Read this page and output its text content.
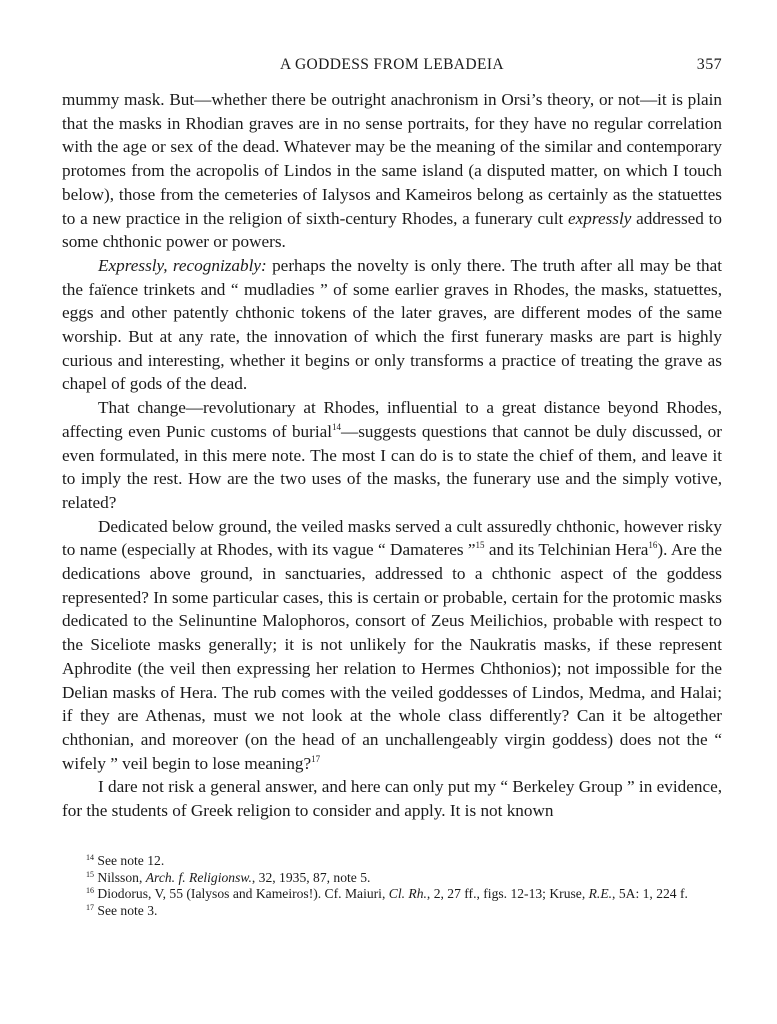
A GODDESS FROM LEBADEIA	357

mummy mask. But—whether there be outright anachronism in Orsi’s theory, or not—it is plain that the masks in Rhodian graves are in no sense portraits, for they have no regular correlation with the age or sex of the dead. Whatever may be the meaning of the similar and contemporary protomes from the acropolis of Lindos in the same island (a disputed matter, on which I touch below), those from the cemeteries of Ialysos and Kameiros belong as certainly as the statuettes to a new practice in the religion of sixth-century Rhodes, a funerary cult expressly addressed to some chthonic power or powers.

Expressly, recognizably: perhaps the novelty is only there. The truth after all may be that the faïence trinkets and “ mudladies ” of some earlier graves in Rhodes, the masks, statuettes, eggs and other patently chthonic tokens of the later graves, are different modes of the same worship. But at any rate, the innovation of which the first funerary masks are part is highly curious and interesting, whether it begins or only transforms a practice of treating the grave as chapel of gods of the dead.

That change—revolutionary at Rhodes, influential to a great distance beyond Rhodes, affecting even Punic customs of burial$^{14}$—suggests questions that cannot be duly discussed, or even formulated, in this mere note. The most I can do is to state the chief of them, and leave it to imply the rest. How are the two uses of the masks, the funerary use and the simply votive, related?

Dedicated below ground, the veiled masks served a cult assuredly chthonic, however risky to name (especially at Rhodes, with its vague “ Damateres ”$^{15}$ and its Telchinian Hera$^{16}$). Are the dedications above ground, in sanctuaries, addressed to a chthonic aspect of the goddess represented? In some particular cases, this is certain or probable, certain for the protomic masks dedicated to the Selinuntine Malophoros, consort of Zeus Meilichios, probable with respect to the Siceliote masks generally; it is not unlikely for the Naukratis masks, if these represent Aphrodite (the veil then expressing her relation to Hermes Chthonios); not impossible for the Delian masks of Hera. The rub comes with the veiled goddesses of Lindos, Medma, and Halai; if they are Athenas, must we not look at the whole class differently? Can it be altogether chthonian, and moreover (on the head of an unchallengeably virgin goddess) does not the “ wifely ” veil begin to lose meaning?$^{17}$

I dare not risk a general answer, and here can only put my “ Berkeley Group ” in evidence, for the students of Greek religion to consider and apply. It is not known

$^{14}$ See note 12.

$^{15}$ Nilsson, Arch. f. Religionsw., 32, 1935, 87, note 5.

$^{16}$ Diodorus, V, 55 (Ialysos and Kameiros!). Cf. Maiuri, Cl. Rh., 2, 27 ff., figs. 12-13; Kruse, R.E., 5A: 1, 224 f.

$^{17}$ See note 3.
